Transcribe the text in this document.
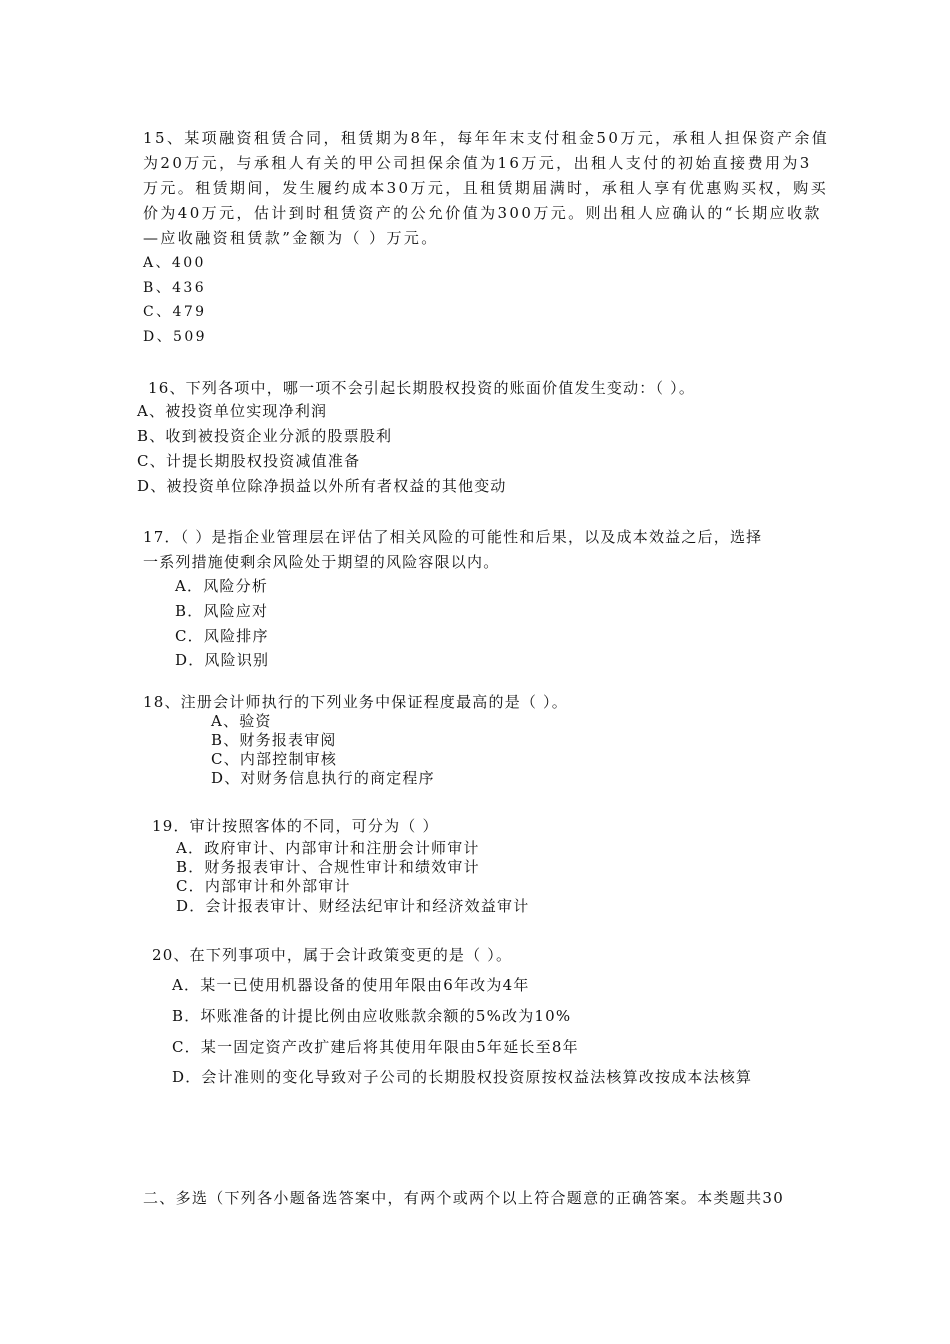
15、某项融资租赁合同，租赁期为8年，每年年末支付租金50万元，承租人担保资产余值
为20万元，与承租人有关的甲公司担保余值为16万元，出租人支付的初始直接费用为3
万元。租赁期间，发生履约成本30万元，且租赁期届满时，承租人享有优惠购买权，购买
价为40万元，估计到时租赁资产的公允价值为300万元。则出租人应确认的“长期应收款
—应收融资租赁款”金额为（ ）万元。
A、400
B、436
C、479
D、509
16、下列各项中，哪一项不会引起长期股权投资的账面价值发生变动：（ ）。
A、被投资单位实现净利润
B、收到被投资企业分派的股票股利
C、计提长期股权投资减值准备
D、被投资单位除净损益以外所有者权益的其他变动
17．（ ）是指企业管理层在评估了相关风险的可能性和后果，以及成本效益之后，选择
一系列措施使剩余风险处于期望的风险容限以内。
A．风险分析
B．风险应对
C．风险排序
D．风险识别
18、注册会计师执行的下列业务中保证程度最高的是（ ）。
A、验资
B、财务报表审阅
C、内部控制审核
D、对财务信息执行的商定程序
19．审计按照客体的不同，可分为（ ）
A．政府审计、内部审计和注册会计师审计
B．财务报表审计、合规性审计和绩效审计
C．内部审计和外部审计
D．会计报表审计、财经法纪审计和经济效益审计
20、在下列事项中，属于会计政策变更的是（ ）。
A．某一已使用机器设备的使用年限由6年改为4年
B．坏账准备的计提比例由应收账款余额的5%改为10%
C．某一固定资产改扩建后将其使用年限由5年延长至8年
D．会计准则的变化导致对子公司的长期股权投资原按权益法核算改按成本法核算
二、多选（下列各小题备选答案中，有两个或两个以上符合题意的正确答案。本类题共30
